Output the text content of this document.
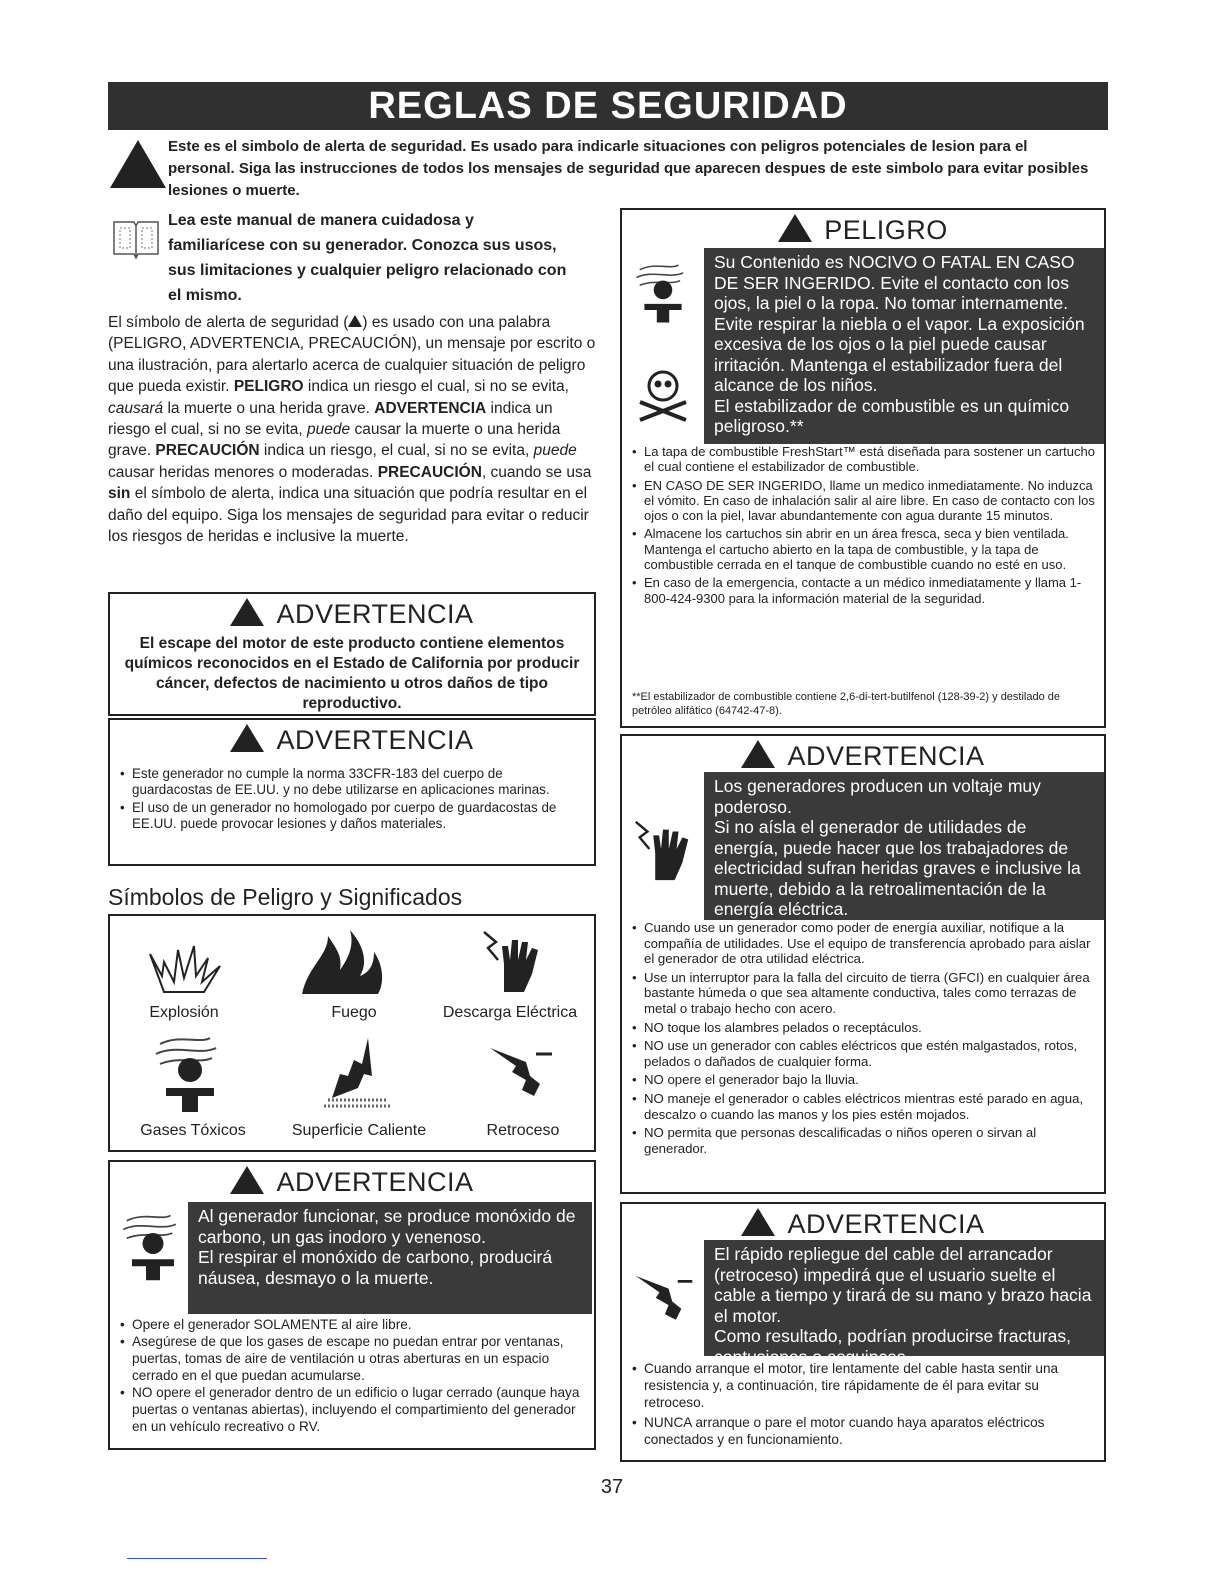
REGLAS DE SEGURIDAD
Este es el simbolo de alerta de seguridad. Es usado para indicarle situaciones con peligros potenciales de lesion para el personal. Siga las instrucciones de todos los mensajes de seguridad que aparecen despues de este simbolo para evitar posibles lesiones o muerte.
Lea este manual de manera cuidadosa y familiarícese con su generador. Conozca sus usos, sus limitaciones y cualquier peligro relacionado con el mismo.
El símbolo de alerta de seguridad ( ) es usado con una palabra (PELIGRO, ADVERTENCIA, PRECAUCIÓN), un mensaje por escrito o una ilustración, para alertarlo acerca de cualquier situación de peligro que pueda existir. PELIGRO indica un riesgo el cual, si no se evita, causará la muerte o una herida grave. ADVERTENCIA indica un riesgo el cual, si no se evita, puede causar la muerte o una herida grave. PRECAUCIÓN indica un riesgo, el cual, si no se evita, puede causar heridas menores o moderadas. PRECAUCIÓN, cuando se usa sin el símbolo de alerta, indica una situación que podría resultar en el daño del equipo. Siga los mensajes de seguridad para evitar o reducir los riesgos de heridas e inclusive la muerte.
ADVERTENCIA
El escape del motor de este producto contiene elementos químicos reconocidos en el Estado de California por producir cáncer, defectos de nacimiento u otros daños de tipo reproductivo.
ADVERTENCIA
• Este generador no cumple la norma 33CFR-183 del cuerpo de guardacostas de EE.UU. y no debe utilizarse en aplicaciones marinas.
• El uso de un generador no homologado por cuerpo de guardacostas de EE.UU. puede provocar lesiones y daños materiales.
Símbolos de Peligro y Significados
Explosión	Fuego	Descarga Eléctrica
Gases Tóxicos	Superficie Caliente	Retroceso
ADVERTENCIA
Al generador funcionar, se produce monóxido de carbono, un gas inodoro y venenoso.
El respirar el monóxido de carbono, producirá náusea, desmayo o la muerte.
• Opere el generador SOLAMENTE al aire libre.
• Asegúrese de que los gases de escape no puedan entrar por ventanas, puertas, tomas de aire de ventilación u otras aberturas en un espacio cerrado en el que puedan acumularse.
• NO opere el generador dentro de un edificio o lugar cerrado (aunque haya puertas o ventanas abiertas), incluyendo el compartimiento del generador en un vehículo recreativo o RV.
PELIGRO
Su Contenido es NOCIVO O FATAL EN CASO DE SER INGERIDO. Evite el contacto con los ojos, la piel o la ropa. No tomar internamente. Evite respirar la niebla o el vapor. La exposición excesiva de los ojos o la piel puede causar irritación. Mantenga el estabilizador fuera del alcance de los niños.
El estabilizador de combustible es un químico peligroso.**
• La tapa de combustible FreshStart™ está diseñada para sostener un cartucho el cual contiene el estabilizador de combustible.
• EN CASO DE SER INGERIDO, llame un medico inmediatamente. No induzca el vómito. En caso de inhalación salir al aire libre. En caso de contacto con los ojos o con la piel, lavar abundantemente con agua durante 15 minutos.
• Almacene los cartuchos sin abrir en un área fresca, seca y bien ventilada. Mantenga el cartucho abierto en la tapa de combustible, y la tapa de combustible cerrada en el tanque de combustible cuando no esté en uso.
• En caso de la emergencia, contacte a un médico inmediatamente y llama 1-800-424-9300 para la información material de la seguridad.
**El estabilizador de combustible contiene 2,6-di-tert-butilfenol (128-39-2) y destilado de petróleo alifático (64742-47-8).
ADVERTENCIA
Los generadores producen un voltaje muy poderoso.
Si no aísla el generador de utilidades de energía, puede hacer que los trabajadores de electricidad sufran heridas graves e inclusive la muerte, debido a la retroalimentación de la energía eléctrica.
• Cuando use un generador como poder de energía auxiliar, notifique a la compañía de utilidades. Use el equipo de transferencia aprobado para aislar el generador de otra utilidad eléctrica.
• Use un interruptor para la falla del circuito de tierra (GFCI) en cualquier área bastante húmeda o que sea altamente conductiva, tales como terrazas de metal o trabajo hecho con acero.
• NO toque los alambres pelados o receptáculos.
• NO use un generador con cables eléctricos que estén malgastados, rotos, pelados o dañados de cualquier forma.
• NO opere el generador bajo la lluvia.
• NO maneje el generador o cables eléctricos mientras esté parado en agua, descalzo o cuando las manos y los pies estén mojados.
• NO permita que personas descalificadas o niños operen o sirvan al generador.
ADVERTENCIA
El rápido repliegue del cable del arrancador (retroceso) impedirá que el usuario suelte el cable a tiempo y tirará de su mano y brazo hacia el motor.
Como resultado, podrían producirse fracturas, contusiones o esguinces.
• Cuando arranque el motor, tire lentamente del cable hasta sentir una resistencia y, a continuación, tire rápidamente de él para evitar su retroceso.
• NUNCA arranque o pare el motor cuando haya aparatos eléctricos conectados y en funcionamiento.
37
